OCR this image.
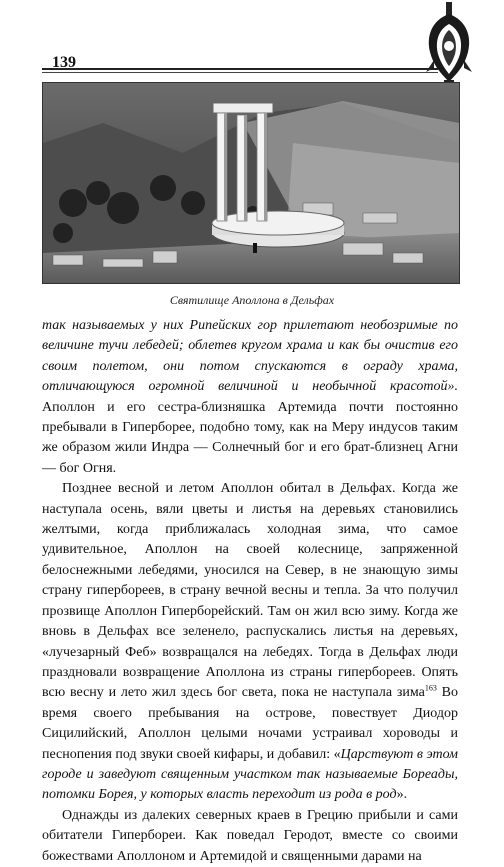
139
Святилище Аполлона в Дельфах

так называемых у них Рипейских гор прилетают необозримые по величине тучи лебедей; облетев кругом храма и как бы очистив его своим полетом, они потом спускаются в ограду храма, отличающуюся огромной величиной и необычной красотой». Аполлон и его сестра-близняшка Артемида почти постоянно пребывали в Гиперборее, подобно тому, как на Меру индусов таким же образом жили Индра — Солнечный бог и его брат-близнец Агни — бог Огня.

Позднее весной и летом Аполлон обитал в Дельфах. Когда же наступала осень, вяли цветы и листья на деревьях становились желтыми, когда приближалась холодная зима, что самое удивительное, Аполлон на своей колеснице, запряженной белоснежными лебедями, уносился на Север, в не знающую зимы страну гипербореев, в страну вечной весны и тепла. За что получил прозвище Аполлон Гиперборейский. Там он жил всю зиму. Когда же вновь в Дельфах все зеленело, распускались листья на деревьях, «лучезарный Феб» возвращался на лебедях. Тогда в Дельфах люди праздновали возвращение Аполлона из страны гипербореев. Опять всю весну и лето жил здесь бог света, пока не наступала зима$^{163}$ Во время своего пребывания на острове, повествует Диодор Сицилийский, Аполлон целыми ночами устраивал хороводы и песнопения под звуки своей кифары, и добавил: «Царствуют в этом городе и заведуют священным участком так называемые Бореады, потомки Борея, у которых власть переходит из рода в род».

Однажды из далеких северных краев в Грецию прибыли и сами обитатели Гипербореи. Как поведал Геродот, вместе со своими божествами Аполлоном и Артемидой и священными дарами на
